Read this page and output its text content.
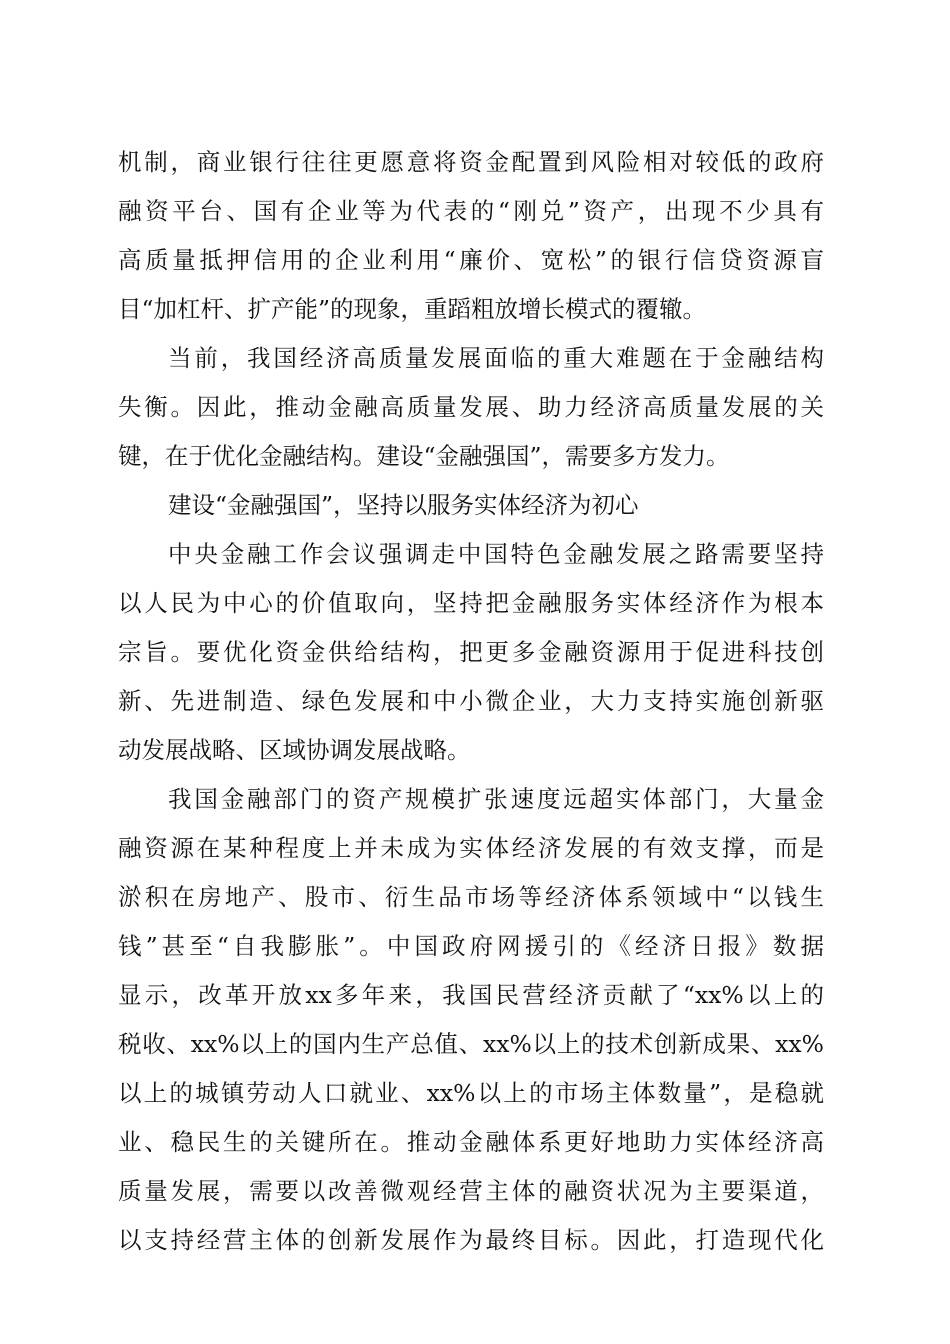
机制，商业银行往往更愿意将资金配置到风险相对较低的政府
融资平台、国有企业等为代表的“刚兑”资产，出现不少具有
高质量抵押信用的企业利用“廉价、宽松”的银行信贷资源盲
目“加杠杆、扩产能”的现象，重蹈粗放增长模式的覆辙。
当前，我国经济高质量发展面临的重大难题在于金融结构
失衡。因此，推动金融高质量发展、助力经济高质量发展的关
键，在于优化金融结构。建设“金融强国”，需要多方发力。
建设“金融强国”，坚持以服务实体经济为初心
中央金融工作会议强调走中国特色金融发展之路需要坚持
以人民为中心的价值取向，坚持把金融服务实体经济作为根本
宗旨。要优化资金供给结构，把更多金融资源用于促进科技创
新、先进制造、绿色发展和中小微企业，大力支持实施创新驱
动发展战略、区域协调发展战略。
我国金融部门的资产规模扩张速度远超实体部门，大量金
融资源在某种程度上并未成为实体经济发展的有效支撑，而是
淤积在房地产、股市、衍生品市场等经济体系领域中“以钱生
钱”甚至“自我膨胀”。中国政府网援引的《经济日报》数据
显示，改革开放xx多年来，我国民营经济贡献了“xx%以上的
税收、xx%以上的国内生产总值、xx%以上的技术创新成果、xx%
以上的城镇劳动人口就业、xx%以上的市场主体数量”，是稳就
业、稳民生的关键所在。推动金融体系更好地助力实体经济高
质量发展，需要以改善微观经营主体的融资状况为主要渠道，
以支持经营主体的创新发展作为最终目标。因此，打造现代化
